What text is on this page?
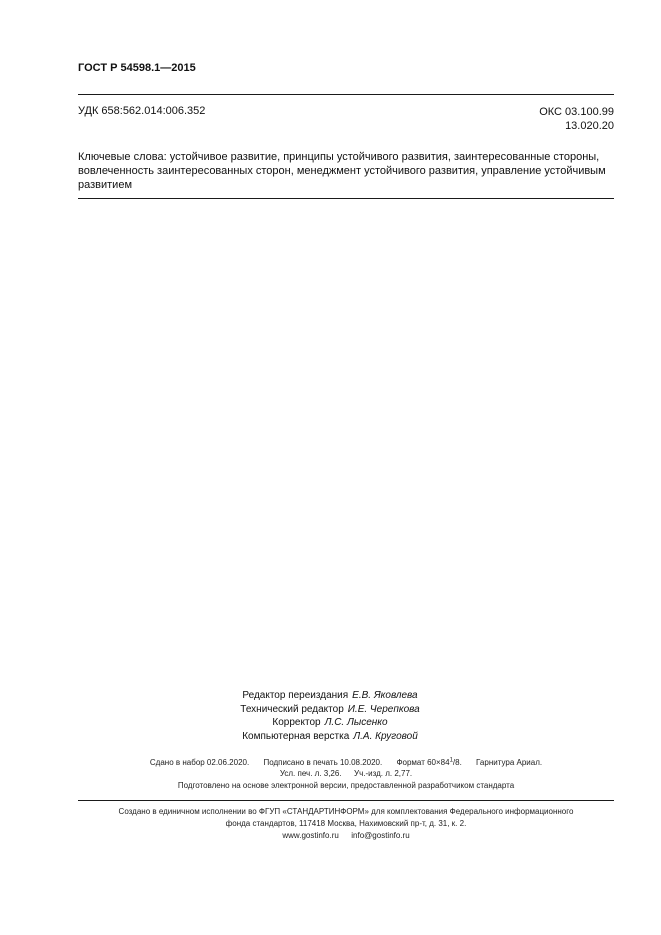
ГОСТ Р 54598.1—2015
УДК 658:562.014:006.352	ОКС 03.100.99
13.020.20
Ключевые слова: устойчивое развитие, принципы устойчивого развития, заинтересованные стороны,
вовлеченность заинтересованных сторон, менеджмент устойчивого развития, управление устойчивым
развитием
Редактор переиздания Е.В. Яковлева
Технический редактор И.Е. Черепкова
Корректор Л.С. Лысенко
Компьютерная верстка Л.А. Круговой
Сдано в набор 02.06.2020. Подписано в печать 10.08.2020. Формат $60\times 84^1/8$. Гарнитура Ариал.
Усл. печ. л. 3,26. Уч.-изд. л. 2,77.
Подготовлено на основе электронной версии, предоставленной разработчиком стандарта
Создано в единичном исполнении во ФГУП «СТАНДАРТИНФОРМ» для комплектования Федерального информационного
фонда стандартов, 117418 Москва, Нахимовский пр-т, д. 31, к. 2.
www.gostinfo.ru info@gostinfo.ru
